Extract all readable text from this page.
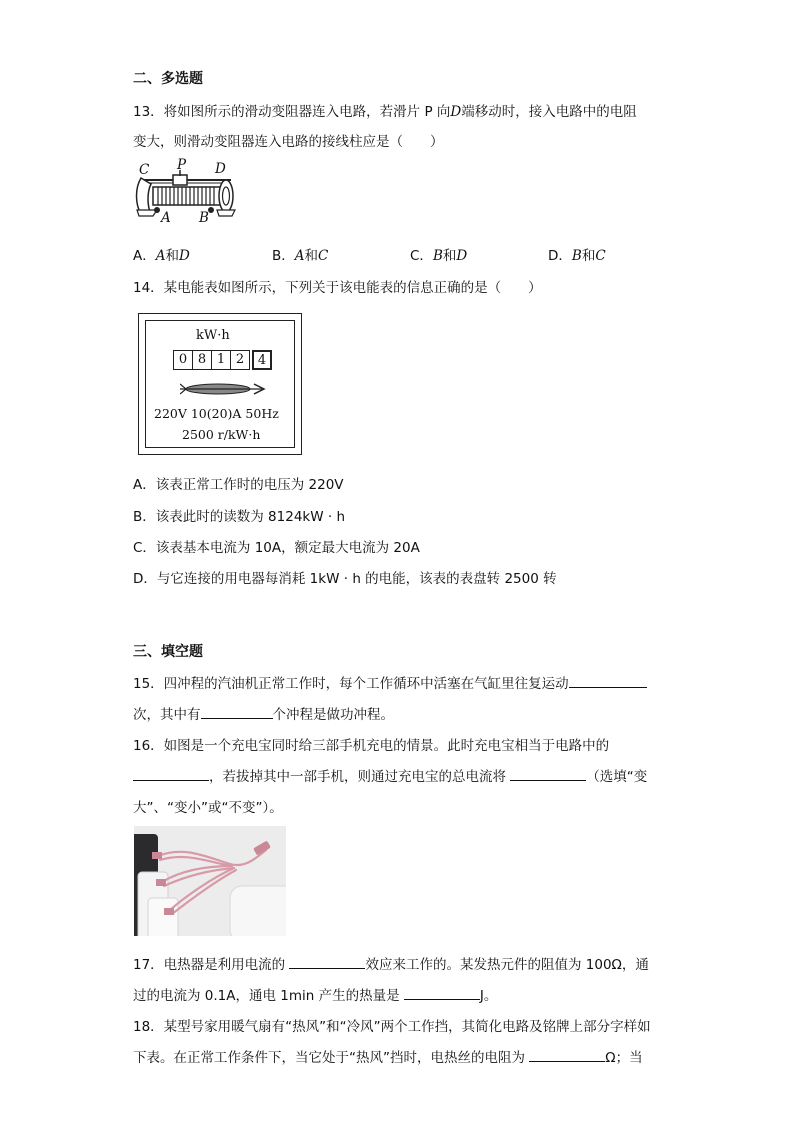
二、多选题
13．将如图所示的滑动变阻器连入电路，若滑片 P 向D端移动时，接入电路中的电阻
变大，则滑动变阻器连入电路的接线柱应是（　　）
C P D
A B
A．A和D	B．A和C	C．B和D	D．B和C
14．某电能表如图所示，下列关于该电能表的信息正确的是（　　）
kW·h
0 8 1 2	4
220V 10(20)A 50Hz
2500 r/kW·h
A．该表正常工作时的电压为 220V
B．该表此时的读数为 8124kW · h
C．该表基本电流为 10A，额定最大电流为 20A
D．与它连接的用电器每消耗 1kW · h 的电能，该表的表盘转 2500 转
三、填空题
15．四冲程的汽油机正常工作时，每个工作循环中活塞在气缸里往复运动
次，其中有	个冲程是做功冲程。
16．如图是一个充电宝同时给三部手机充电的情景。此时充电宝相当于电路中的
，若拔掉其中一部手机，则通过充电宝的总电流将	（选填“变
大”、“变小”或“不变”）。
17．电热器是利用电流的	效应来工作的。某发热元件的阻值为 100Ω，通
过的电流为 0.1A，通电 1min 产生的热量是	J。
18．某型号家用暖气扇有“热风”和“冷风”两个工作挡，其简化电路及铭牌上部分字样如
下表。在正常工作条件下，当它处于“热风”挡时，电热丝的电阻为	Ω；当
